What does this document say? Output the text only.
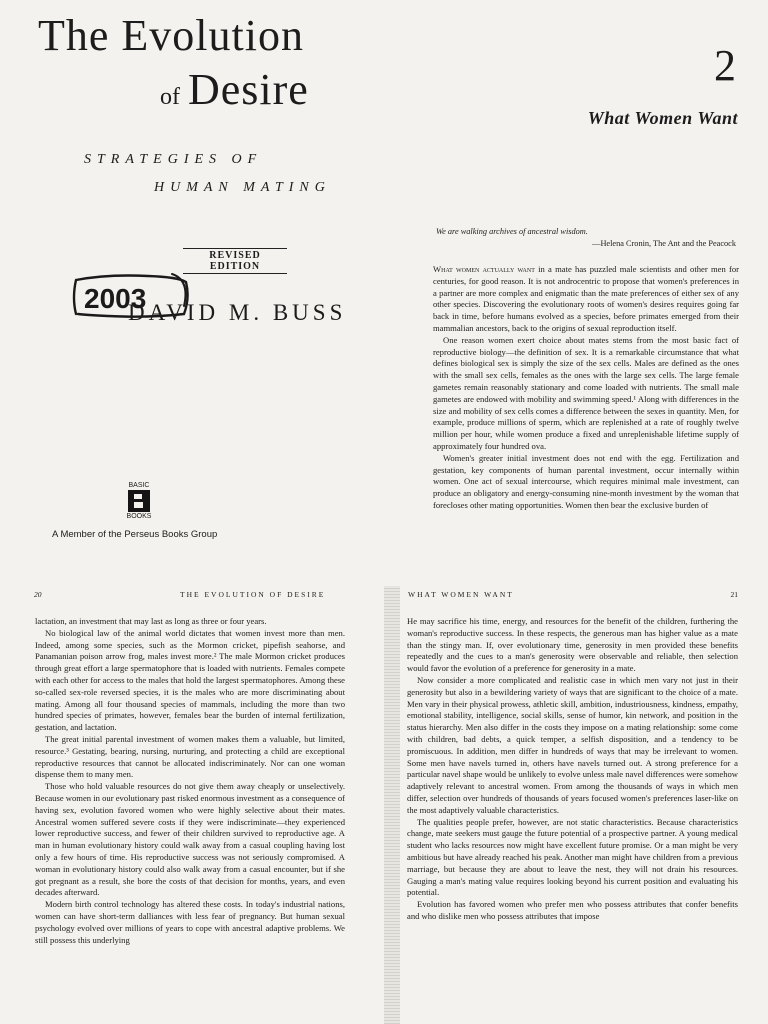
The Evolution
of Desire
STRATEGIES OF
HUMAN MATING
REVISED EDITION
2003
DAVID M. BUSS
BASIC
BOOKS
A Member of the Perseus Books Group
2
What Women Want
We are walking archives of ancestral wisdom.
—Helena Cronin, The Ant and the Peacock

What women actually want in a mate has puzzled male scientists and other men for centuries, for good reason. It is not androcentric to propose that women's preferences in a partner are more complex and enigmatic than the mate preferences of either sex of any other species. Discovering the evolutionary roots of women's desires requires going far back in time, before humans evolved as a species, before primates emerged from their mammalian ancestors, back to the origins of sexual reproduction itself.

One reason women exert choice about mates stems from the most basic fact of reproductive biology—the definition of sex. It is a remarkable circumstance that what defines biological sex is simply the size of the sex cells. Males are defined as the ones with the small sex cells, females as the ones with the large sex cells. The large female gametes remain reasonably stationary and come loaded with nutrients. The small male gametes are endowed with mobility and swimming speed.¹ Along with differences in the size and mobility of sex cells comes a difference between the sexes in quantity. Men, for example, produce millions of sperm, which are replenished at a rate of roughly twelve million per hour, while women produce a fixed and unreplenishable lifetime supply of approximately four hundred ova.

Women's greater initial investment does not end with the egg. Fertilization and gestation, key components of human parental investment, occur internally within women. One act of sexual intercourse, which requires minimal male investment, can produce an obligatory and energy-consuming nine-month investment by the woman that forecloses other mating opportunities. Women then bear the exclusive burden of

20	THE EVOLUTION OF DESIRE

lactation, an investment that may last as long as three or four years.

No biological law of the animal world dictates that women invest more than men. Indeed, among some species, such as the Mormon cricket, pipefish seahorse, and Panamanian poison arrow frog, males invest more.² The male Mormon cricket produces through great effort a large spermatophore that is loaded with nutrients. Females compete with each other for access to the males that hold the largest spermatophores. Among these so-called sex-role reversed species, it is the males who are more discriminating about mating. Among all four thousand species of mammals, including the more than two hundred species of primates, however, females bear the burden of internal fertilization, gestation, and lactation.

The great initial parental investment of women makes them a valuable, but limited, resource.³ Gestating, bearing, nursing, nurturing, and protecting a child are exceptional reproductive resources that cannot be allocated indiscriminately. Nor can one woman dispense them to many men.

Those who hold valuable resources do not give them away cheaply or unselectively. Because women in our evolutionary past risked enormous investment as a consequence of having sex, evolution favored women who were highly selective about their mates. Ancestral women suffered severe costs if they were indiscriminate—they experienced lower reproductive success, and fewer of their children survived to reproductive age. A man in human evolutionary history could walk away from a casual coupling having lost only a few hours of time. His reproductive success was not seriously compromised. A woman in evolutionary history could also walk away from a casual encounter, but if she got pregnant as a result, she bore the costs of that decision for months, years, and even decades afterward.

Modern birth control technology has altered these costs. In today's industrial nations, women can have short-term dalliances with less fear of pregnancy. But human sexual psychology evolved over millions of years to cope with ancestral adaptive problems. We still possess this underlying

WHAT WOMEN WANT	21

He may sacrifice his time, energy, and resources for the benefit of the children, furthering the woman's reproductive success. In these respects, the generous man has higher value as a mate than the stingy man. If, over evolutionary time, generosity in men provided these benefits repeatedly and the cues to a man's generosity were observable and reliable, then selection would favor the evolution of a preference for generosity in a mate.

Now consider a more complicated and realistic case in which men vary not just in their generosity but also in a bewildering variety of ways that are significant to the choice of a mate. Men vary in their physical prowess, athletic skill, ambition, industriousness, kindness, empathy, emotional stability, intelligence, social skills, sense of humor, kin network, and position in the status hierarchy. Men also differ in the costs they impose on a mating relationship: some come with children, bad debts, a quick temper, a selfish disposition, and a tendency to be promiscuous. In addition, men differ in hundreds of ways that may be irrelevant to women. Some men have navels turned in, others have navels turned out. A strong preference for a particular navel shape would be unlikely to evolve unless male navel differences were somehow adaptively relevant to ancestral women. From among the thousands of ways in which men differ, selection over hundreds of thousands of years focused women's preferences laser-like on the most adaptively valuable characteristics.

The qualities people prefer, however, are not static characteristics. Because characteristics change, mate seekers must gauge the future potential of a prospective partner. A young medical student who lacks resources now might have excellent future promise. Or a man might be very ambitious but have already reached his peak. Another man might have children from a previous marriage, but because they are about to leave the nest, they will not drain his resources. Gauging a man's mating value requires looking beyond his current position and evaluating his potential.

Evolution has favored women who prefer men who possess attributes that confer benefits and who dislike men who possess attributes that impose
